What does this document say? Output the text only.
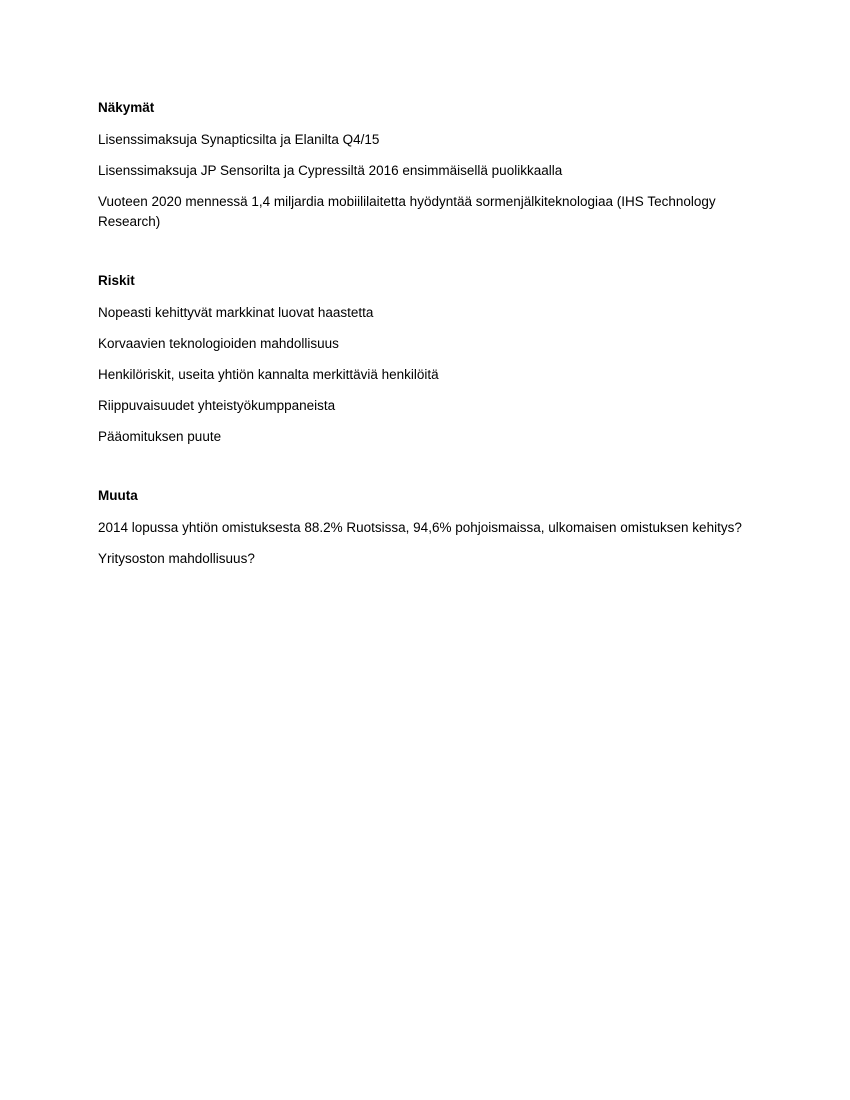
Näkymät
Lisenssimaksuja Synapticsilta ja Elanilta Q4/15
Lisenssimaksuja JP Sensorilta ja Cypressiltä 2016 ensimmäisellä puolikkaalla
Vuoteen 2020 mennessä 1,4 miljardia mobiililaitetta hyödyntää sormenjälkiteknologiaa (IHS Technology Research)
Riskit
Nopeasti kehittyvät markkinat luovat haastetta
Korvaavien teknologioiden mahdollisuus
Henkilöriskit, useita yhtiön kannalta merkittäviä henkilöitä
Riippuvaisuudet yhteistyökumppaneista
Pääomituksen puute
Muuta
2014 lopussa yhtiön omistuksesta 88.2% Ruotsissa, 94,6% pohjoismaissa, ulkomaisen omistuksen kehitys?
Yritysoston mahdollisuus?
